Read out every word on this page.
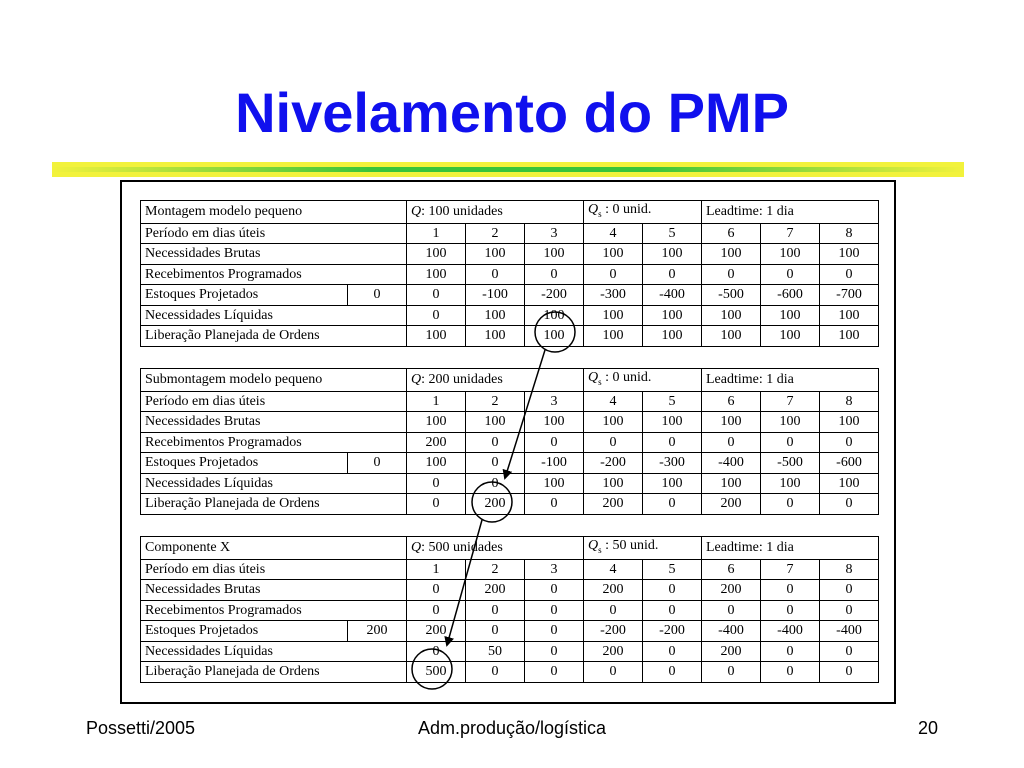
Nivelamento do PMP
Montagem modelo pequeno		Q: 100 unidades			$Q_s$ : 0 unid.		Leadtime: 1 dia		
Período em dias úteis		1	2	3	4	5	6	7	8
Necessidades Brutas		100	100	100	100	100	100	100	100
Recebimentos Programados		100	0	0	0	0	0	0	0
Estoques Projetados	0	0	-100	-200	-300	-400	-500	-600	-700
Necessidades Líquidas		0	100	100	100	100	100	100	100
Liberação Planejada de Ordens		100	100	100	100	100	100	100	100
Submontagem modelo pequeno		Q: 200 unidades			$Q_s$ : 0 unid.		Leadtime: 1 dia		
Período em dias úteis		1	2	3	4	5	6	7	8
Necessidades Brutas		100	100	100	100	100	100	100	100
Recebimentos Programados		200	0	0	0	0	0	0	0
Estoques Projetados	0	100	0	-100	-200	-300	-400	-500	-600
Necessidades Líquidas		0	0	100	100	100	100	100	100
Liberação Planejada de Ordens		0	200	0	200	0	200	0	0
Componente X		Q: 500 unidades			$Q_s$ : 50 unid.		Leadtime: 1 dia		
Período em dias úteis		1	2	3	4	5	6	7	8
Necessidades Brutas		0	200	0	200	0	200	0	0
Recebimentos Programados		0	0	0	0	0	0	0	0
Estoques Projetados	200	200	0	0	-200	-200	-400	-400	-400
Necessidades Líquidas		0	50	0	200	0	200	0	0
Liberação Planejada de Ordens		500	0	0	0	0	0	0	0
Possetti/2005	Adm.produção/logística	20
